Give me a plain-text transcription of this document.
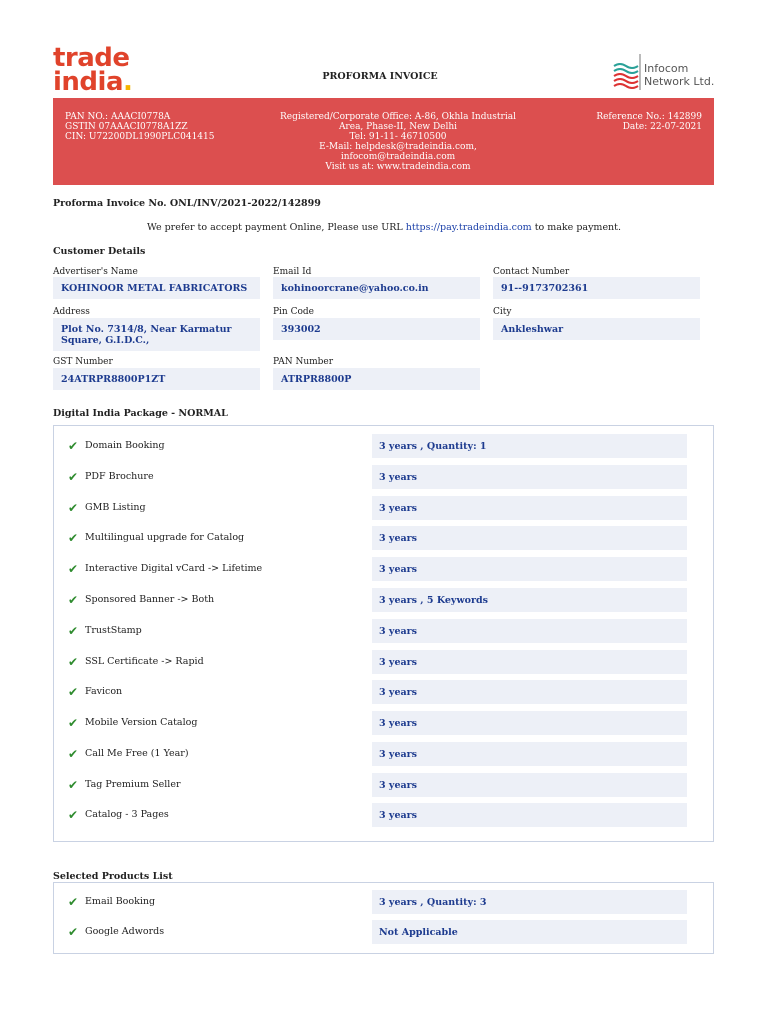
trade
india.	PROFORMA INVOICE
Infocom
Network Ltd.
PAN NO.: AAACI0778A
GSTIN 07AAACI0778A1ZZ
CIN: U72200DL1990PLC041415
Registered/Corporate Office: A-86, Okhla Industrial
Area, Phase-II, New Delhi
Tel: 91-11- 46710500
E-Mail: helpdesk@tradeindia.com,
infocom@tradeindia.com
Visit us at: www.tradeindia.com
Reference No.: 142899
Date: 22-07-2021
Proforma Invoice No. ONL/INV/2021-2022/142899
We prefer to accept payment Online, Please use URL https://pay.tradeindia.com to make payment.
Customer Details
Advertiser's Name
KOHINOOR METAL FABRICATORS
Email Id
kohinoorcrane@yahoo.co.in
Contact Number
91--9173702361
Address
Plot No. 7314/8, Near Karmatur
Square, G.I.D.C.,
Pin Code
393002
City
Ankleshwar
GST Number
24ATRPR8800P1ZT
PAN Number
ATRPR8800P
Digital India Package - NORMAL
✔ Domain Booking	3 years , Quantity: 1
✔ PDF Brochure	3 years
✔ GMB Listing	3 years
✔ Multilingual upgrade for Catalog	3 years
✔ Interactive Digital vCard -> Lifetime	3 years
✔ Sponsored Banner -> Both	3 years , 5 Keywords
✔ TrustStamp	3 years
✔ SSL Certificate -> Rapid	3 years
✔ Favicon	3 years
✔ Mobile Version Catalog	3 years
✔ Call Me Free (1 Year)	3 years
✔ Tag Premium Seller	3 years
✔ Catalog - 3 Pages	3 years
Selected Products List
✔ Email Booking	3 years , Quantity: 3
✔ Google Adwords	Not Applicable
